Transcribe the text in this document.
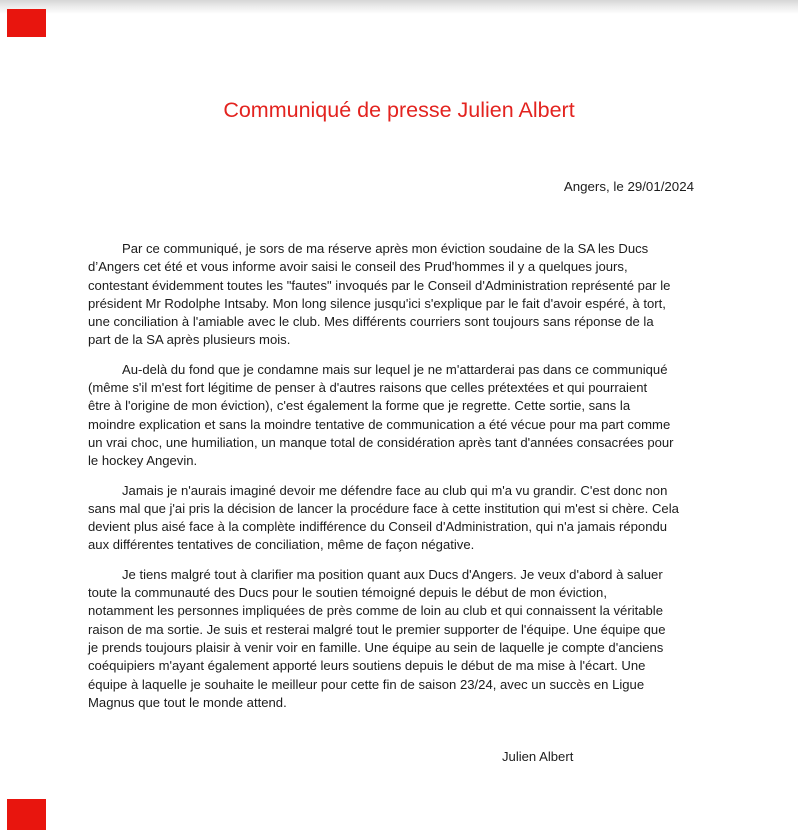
Communiqué de presse Julien Albert
Angers, le 29/01/2024
Par ce communiqué, je sors de ma réserve après mon éviction soudaine de la SA les Ducs
d’Angers cet été et vous informe avoir saisi le conseil des Prud'hommes il y a quelques jours,
contestant évidemment toutes les "fautes" invoqués par le Conseil d'Administration représenté par le
président Mr Rodolphe Intsaby. Mon long silence jusqu'ici s'explique par le fait d'avoir espéré, à tort,
une conciliation à l'amiable avec le club. Mes différents courriers sont toujours sans réponse de la
part de la SA après plusieurs mois.
Au-delà du fond que je condamne mais sur lequel je ne m'attarderai pas dans ce communiqué
(même s'il m'est fort légitime de penser à d'autres raisons que celles prétextées et qui pourraient
être à l'origine de mon éviction), c'est également la forme que je regrette. Cette sortie, sans la
moindre explication et sans la moindre tentative de communication a été vécue pour ma part comme
un vrai choc, une humiliation, un manque total de considération après tant d'années consacrées pour
le hockey Angevin.
Jamais je n'aurais imaginé devoir me défendre face au club qui m'a vu grandir. C'est donc non
sans mal que j'ai pris la décision de lancer la procédure face à cette institution qui m'est si chère. Cela
devient plus aisé face à la complète indifférence du Conseil d'Administration, qui n'a jamais répondu
aux différentes tentatives de conciliation, même de façon négative.
Je tiens malgré tout à clarifier ma position quant aux Ducs d'Angers. Je veux d'abord à saluer
toute la communauté des Ducs pour le soutien témoigné depuis le début de mon éviction,
notamment les personnes impliquées de près comme de loin au club et qui connaissent la véritable
raison de ma sortie. Je suis et resterai malgré tout le premier supporter de l'équipe. Une équipe que
je prends toujours plaisir à venir voir en famille. Une équipe au sein de laquelle je compte d'anciens
coéquipiers m'ayant également apporté leurs soutiens depuis le début de ma mise à l'écart. Une
équipe à laquelle je souhaite le meilleur pour cette fin de saison 23/24, avec un succès en Ligue
Magnus que tout le monde attend.
Julien Albert
